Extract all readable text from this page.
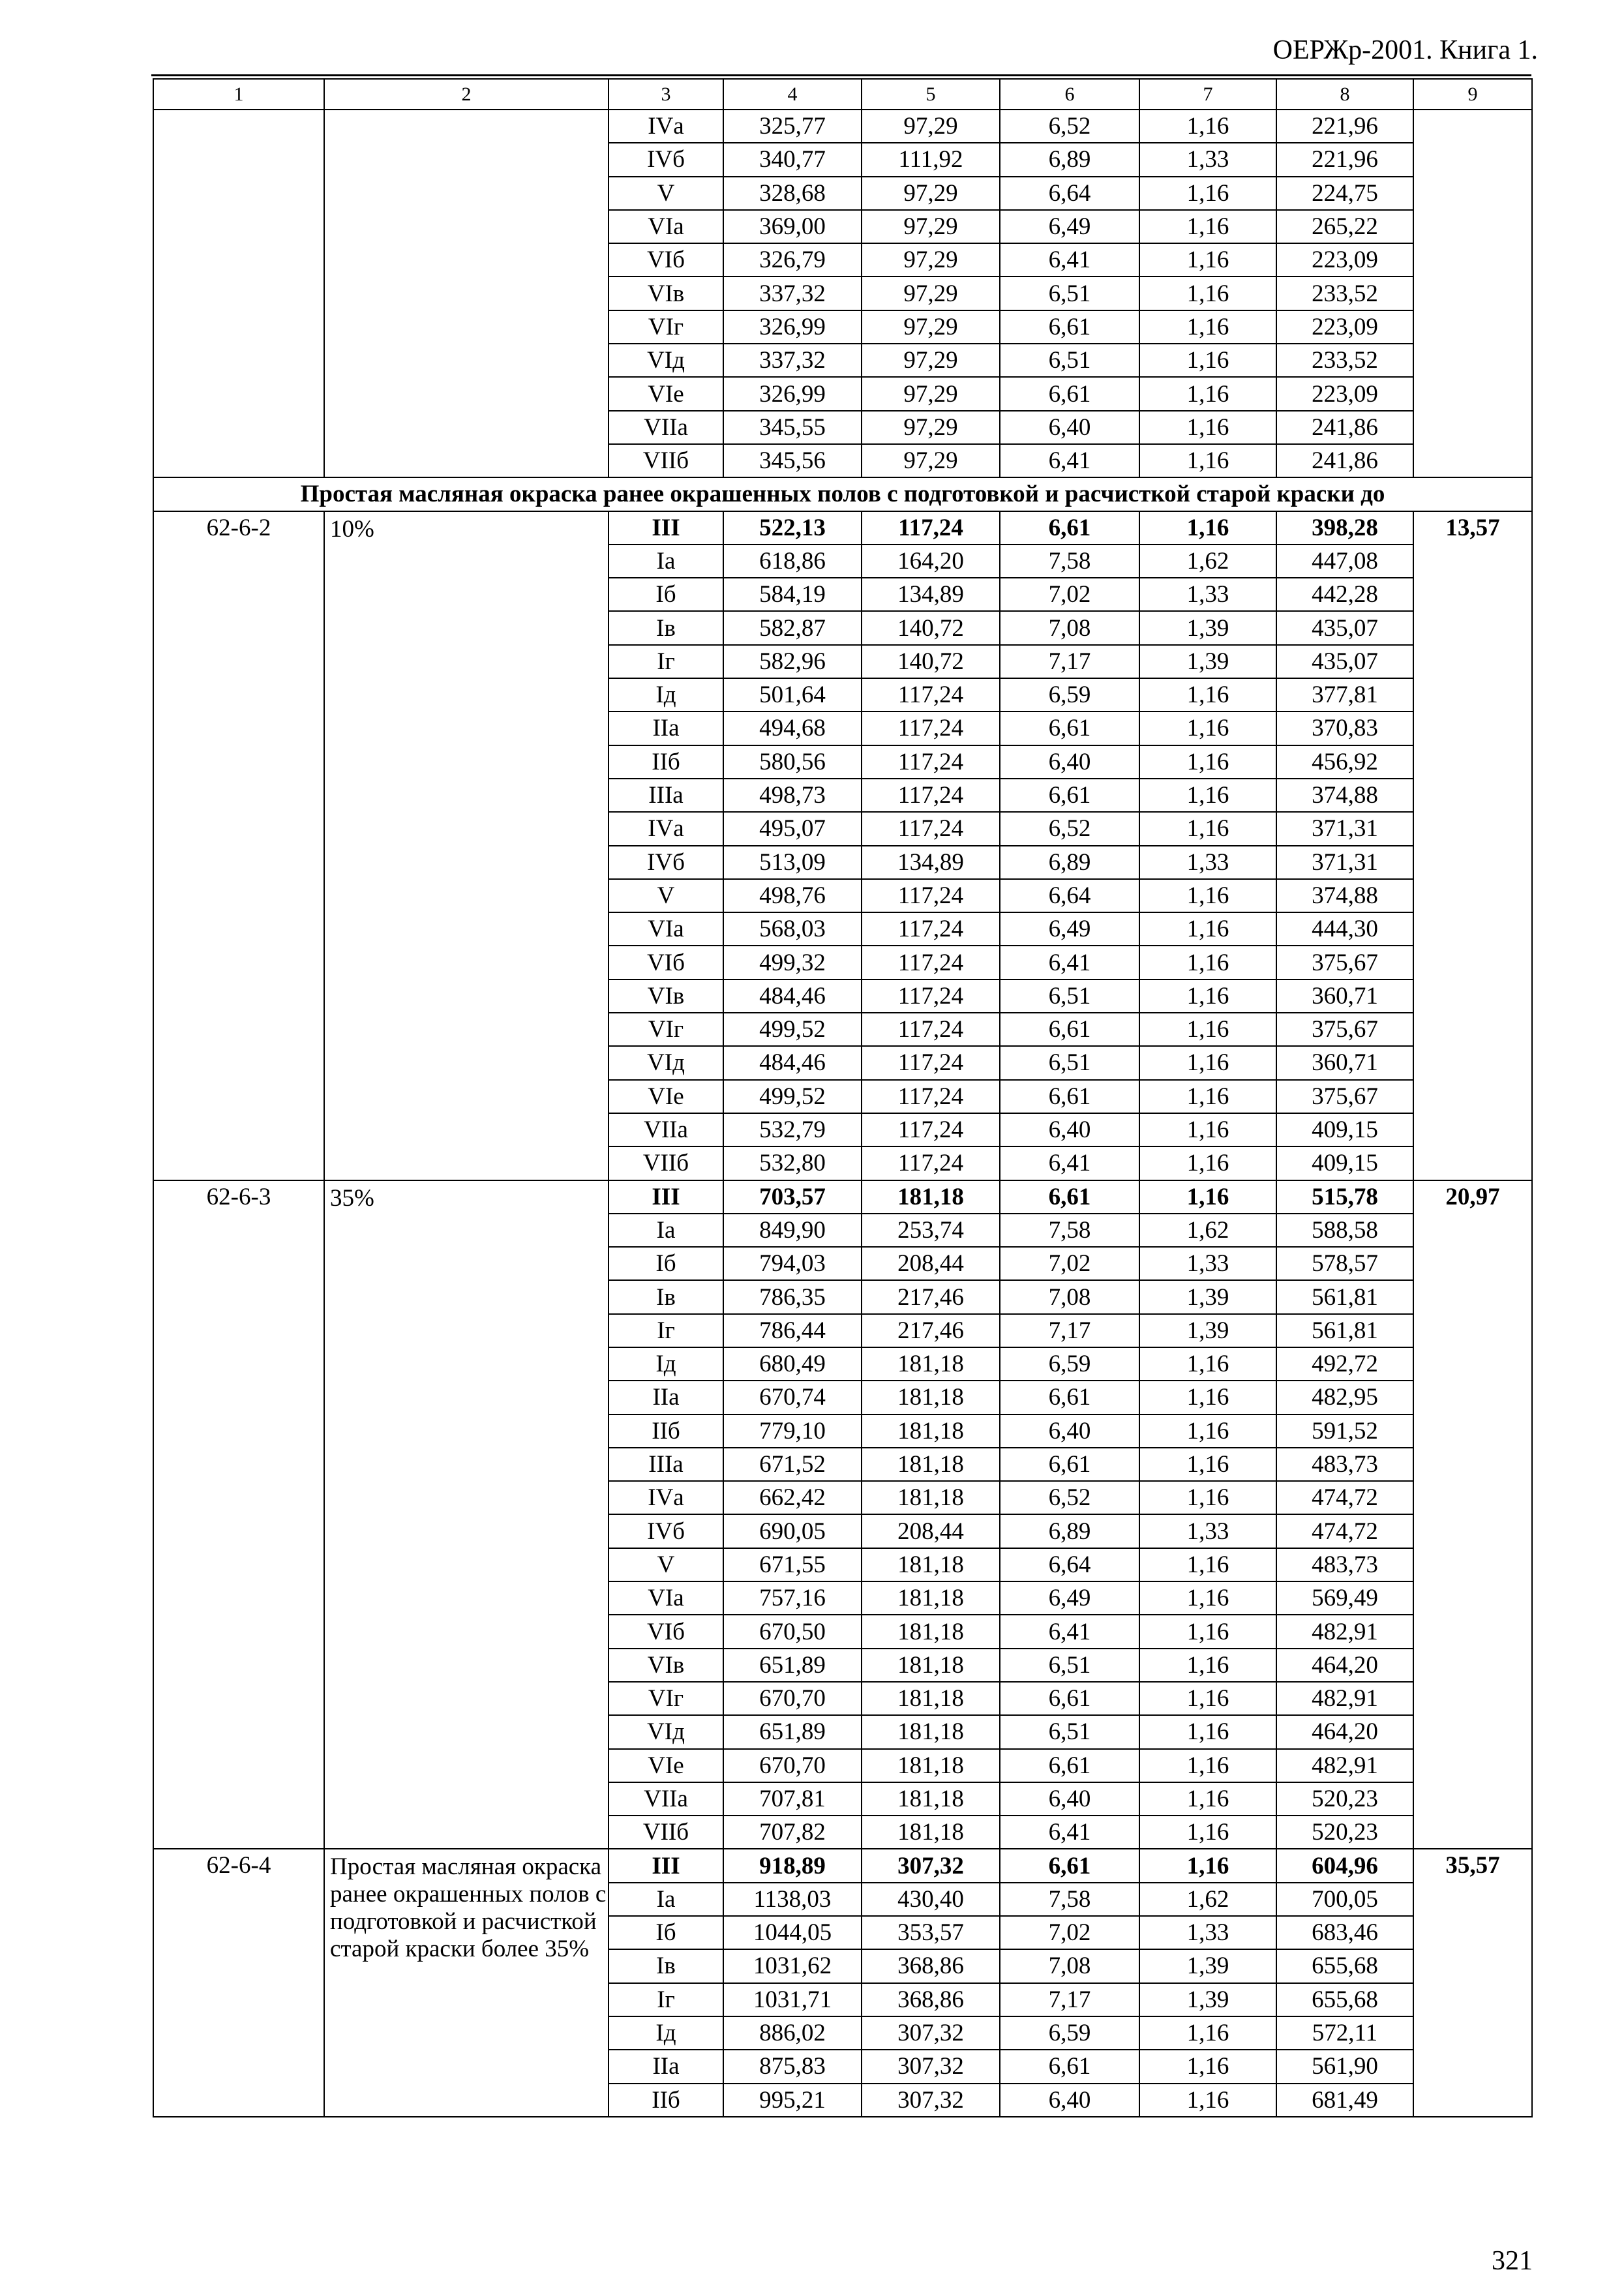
ОЕРЖр-2001. Книга 1.
1	2	3	4	5	6	7	8	9
		IVа	325,77	97,29	6,52	1,16	221,96	
		IVб	340,77	111,92	6,89	1,33	221,96	
		V	328,68	97,29	6,64	1,16	224,75	
		VIа	369,00	97,29	6,49	1,16	265,22	
		VIб	326,79	97,29	6,41	1,16	223,09	
		VIв	337,32	97,29	6,51	1,16	233,52	
		VIг	326,99	97,29	6,61	1,16	223,09	
		VIд	337,32	97,29	6,51	1,16	233,52	
		VIе	326,99	97,29	6,61	1,16	223,09	
		VIIа	345,55	97,29	6,40	1,16	241,86	
		VIIб	345,56	97,29	6,41	1,16	241,86	
Простая масляная окраска ранее окрашенных полов с подготовкой и расчисткой старой краски до								
62-6-2	10%	III	522,13	117,24	6,61	1,16	398,28	13,57
		Iа	618,86	164,20	7,58	1,62	447,08	
		Iб	584,19	134,89	7,02	1,33	442,28	
		Iв	582,87	140,72	7,08	1,39	435,07	
		Iг	582,96	140,72	7,17	1,39	435,07	
		Iд	501,64	117,24	6,59	1,16	377,81	
		IIа	494,68	117,24	6,61	1,16	370,83	
		IIб	580,56	117,24	6,40	1,16	456,92	
		IIIа	498,73	117,24	6,61	1,16	374,88	
		IVа	495,07	117,24	6,52	1,16	371,31	
		IVб	513,09	134,89	6,89	1,33	371,31	
		V	498,76	117,24	6,64	1,16	374,88	
		VIа	568,03	117,24	6,49	1,16	444,30	
		VIб	499,32	117,24	6,41	1,16	375,67	
		VIв	484,46	117,24	6,51	1,16	360,71	
		VIг	499,52	117,24	6,61	1,16	375,67	
		VIд	484,46	117,24	6,51	1,16	360,71	
		VIе	499,52	117,24	6,61	1,16	375,67	
		VIIа	532,79	117,24	6,40	1,16	409,15	
		VIIб	532,80	117,24	6,41	1,16	409,15	
62-6-3	35%	III	703,57	181,18	6,61	1,16	515,78	20,97
		Iа	849,90	253,74	7,58	1,62	588,58	
		Iб	794,03	208,44	7,02	1,33	578,57	
		Iв	786,35	217,46	7,08	1,39	561,81	
		Iг	786,44	217,46	7,17	1,39	561,81	
		Iд	680,49	181,18	6,59	1,16	492,72	
		IIа	670,74	181,18	6,61	1,16	482,95	
		IIб	779,10	181,18	6,40	1,16	591,52	
		IIIа	671,52	181,18	6,61	1,16	483,73	
		IVа	662,42	181,18	6,52	1,16	474,72	
		IVб	690,05	208,44	6,89	1,33	474,72	
		V	671,55	181,18	6,64	1,16	483,73	
		VIа	757,16	181,18	6,49	1,16	569,49	
		VIб	670,50	181,18	6,41	1,16	482,91	
		VIв	651,89	181,18	6,51	1,16	464,20	
		VIг	670,70	181,18	6,61	1,16	482,91	
		VIд	651,89	181,18	6,51	1,16	464,20	
		VIе	670,70	181,18	6,61	1,16	482,91	
		VIIа	707,81	181,18	6,40	1,16	520,23	
		VIIб	707,82	181,18	6,41	1,16	520,23	
62-6-4	Простая масляная окраска ранее окрашенных полов с подготовкой и расчисткой старой краски более 35%	III	918,89	307,32	6,61	1,16	604,96	35,57
		Iа	1138,03	430,40	7,58	1,62	700,05	
		Iб	1044,05	353,57	7,02	1,33	683,46	
		Iв	1031,62	368,86	7,08	1,39	655,68	
		Iг	1031,71	368,86	7,17	1,39	655,68	
		Iд	886,02	307,32	6,59	1,16	572,11	
		IIа	875,83	307,32	6,61	1,16	561,90	
		IIб	995,21	307,32	6,40	1,16	681,49	
321
